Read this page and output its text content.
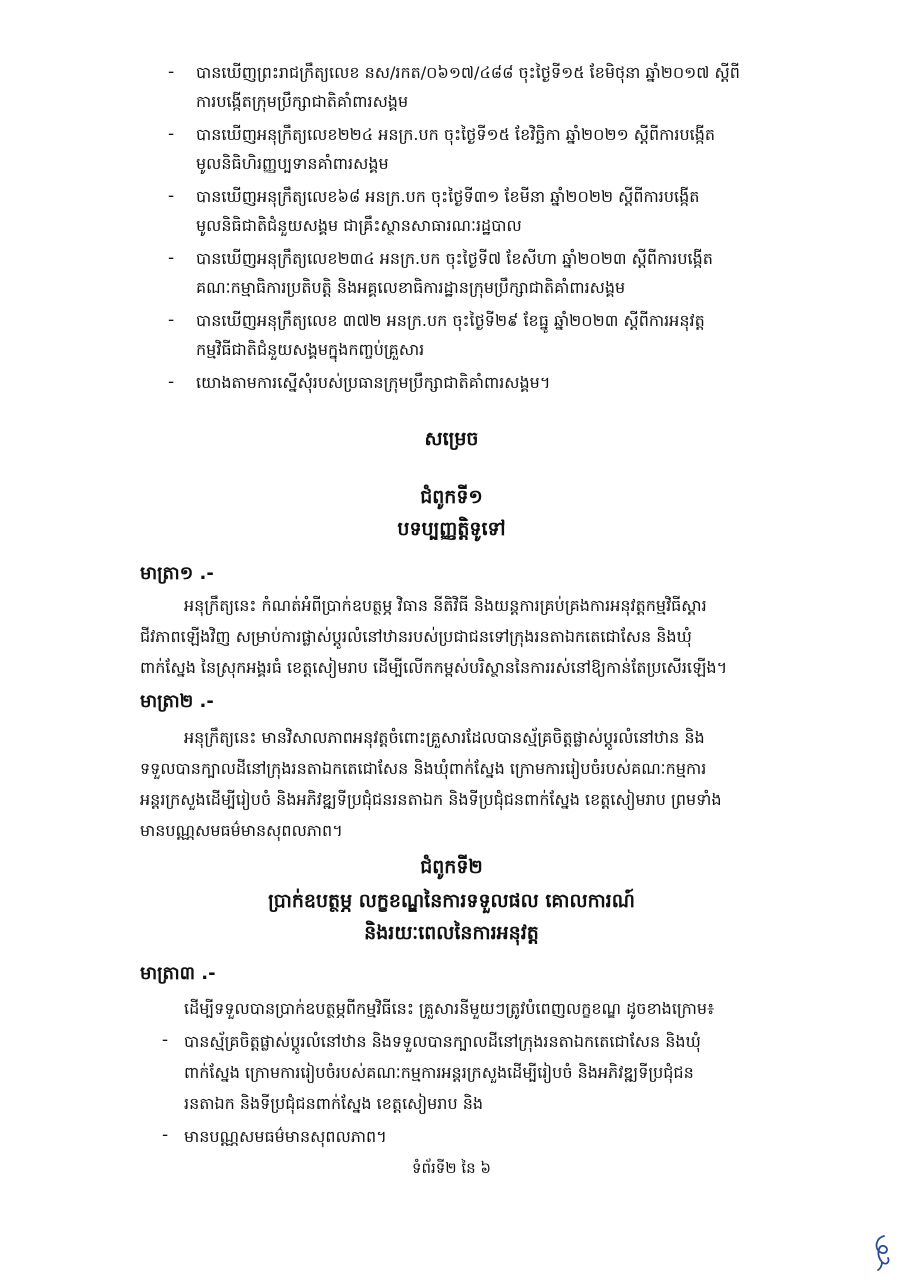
- បានឃើញព្រះរាជក្រឹត្យលេខ នស/រកត/០៦១៧/៤៨៨ ចុះថ្ងៃទី១៥ ខែមិថុនា ឆ្នាំ២០១៧ ស្ដីពី
ការបង្កើតក្រុមប្រឹក្សាជាតិគាំពារសង្គម
- បានឃើញអនុក្រឹត្យលេខ២២៤ អនក្រ.បក ចុះថ្ងៃទី១៥ ខែវិច្ឆិកា ឆ្នាំ២០២១ ស្ដីពីការបង្កើត
មូលនិធិហិរញ្ញប្បទានគាំពារសង្គម
- បានឃើញអនុក្រឹត្យលេខ៦៨ អនក្រ.បក ចុះថ្ងៃទី៣១ ខែមីនា ឆ្នាំ២០២២ ស្ដីពីការបង្កើត
មូលនិធិជាតិជំនួយសង្គម ជាគ្រឹះស្ថានសាធារណៈរដ្ឋបាល
- បានឃើញអនុក្រឹត្យលេខ២៣៤ អនក្រ.បក ចុះថ្ងៃទី៧ ខែសីហា ឆ្នាំ២០២៣ ស្ដីពីការបង្កើត
គណៈកម្មាធិការប្រតិបត្តិ និងអគ្គលេខាធិការដ្ឋានក្រុមប្រឹក្សាជាតិគាំពារសង្គម
- បានឃើញអនុក្រឹត្យលេខ ៣៧២ អនក្រ.បក ចុះថ្ងៃទី២៩ ខែធ្នូ ឆ្នាំ២០២៣ ស្ដីពីការអនុវត្ត
កម្មវិធីជាតិជំនួយសង្គមក្នុងកញ្ចប់គ្រួសារ
- យោងតាមការស្នើសុំរបស់ប្រធានក្រុមប្រឹក្សាជាតិគាំពារសង្គម។
សម្រេច
ជំពូកទី១
បទប្បញ្ញត្តិទូទៅ
មាត្រា១ .-
អនុក្រឹត្យនេះ កំណត់អំពីប្រាក់ឧបត្ថម្ភ វិធាន នីតិវិធី និងយន្តការគ្រប់គ្រងការអនុវត្តកម្មវិធីស្តារ
ជីវភាពឡើងវិញ សម្រាប់ការផ្លាស់ប្តូរលំនៅឋានរបស់ប្រជាជនទៅក្រុងរនតាឯកតេជោសែន និងឃុំ
ពាក់ស្នែង នៃស្រុកអង្គរធំ ខេត្តសៀមរាប ដើម្បីលើកកម្ពស់បរិស្ថាននៃការរស់នៅឱ្យកាន់តែប្រសើរឡើង។
មាត្រា២ .-
អនុក្រឹត្យនេះ មានវិសាលភាពអនុវត្តចំពោះគ្រួសារដែលបានស្ម័គ្រចិត្តផ្លាស់ប្តូរលំនៅឋាន និង
ទទួលបានក្បាលដីនៅក្រុងរនតាឯកតេជោសែន និងឃុំពាក់ស្នែង ក្រោមការរៀបចំរបស់គណៈកម្មការ
អន្តរក្រសួងដើម្បីរៀបចំ និងអភិវឌ្ឍទីប្រជុំជនរនតាឯក និងទីប្រជុំជនពាក់ស្នែង ខេត្តសៀមរាប ព្រមទាំង
មានបណ្ណសមធម៌មានសុពលភាព។
ជំពូកទី២
ប្រាក់ឧបត្ថម្ភ លក្ខខណ្ឌនៃការទទួលផល គោលការណ៍
និងរយៈពេលនៃការអនុវត្ត
មាត្រា៣ .-
ដើម្បីទទួលបានប្រាក់ឧបត្ថម្ភពីកម្មវិធីនេះ គ្រួសារនីមួយៗត្រូវបំពេញលក្ខខណ្ឌ ដូចខាងក្រោម៖
- បានស្ម័គ្រចិត្តផ្លាស់ប្តូរលំនៅឋាន និងទទួលបានក្បាលដីនៅក្រុងរនតាឯកតេជោសែន និងឃុំ
ពាក់ស្នែង ក្រោមការរៀបចំរបស់គណៈកម្មការអន្តរក្រសួងដើម្បីរៀបចំ និងអភិវឌ្ឍទីប្រជុំជន
រនតាឯក និងទីប្រជុំជនពាក់ស្នែង ខេត្តសៀមរាប និង
- មានបណ្ណសមធម៌មានសុពលភាព។
ទំព័រទី២ នៃ ៦
